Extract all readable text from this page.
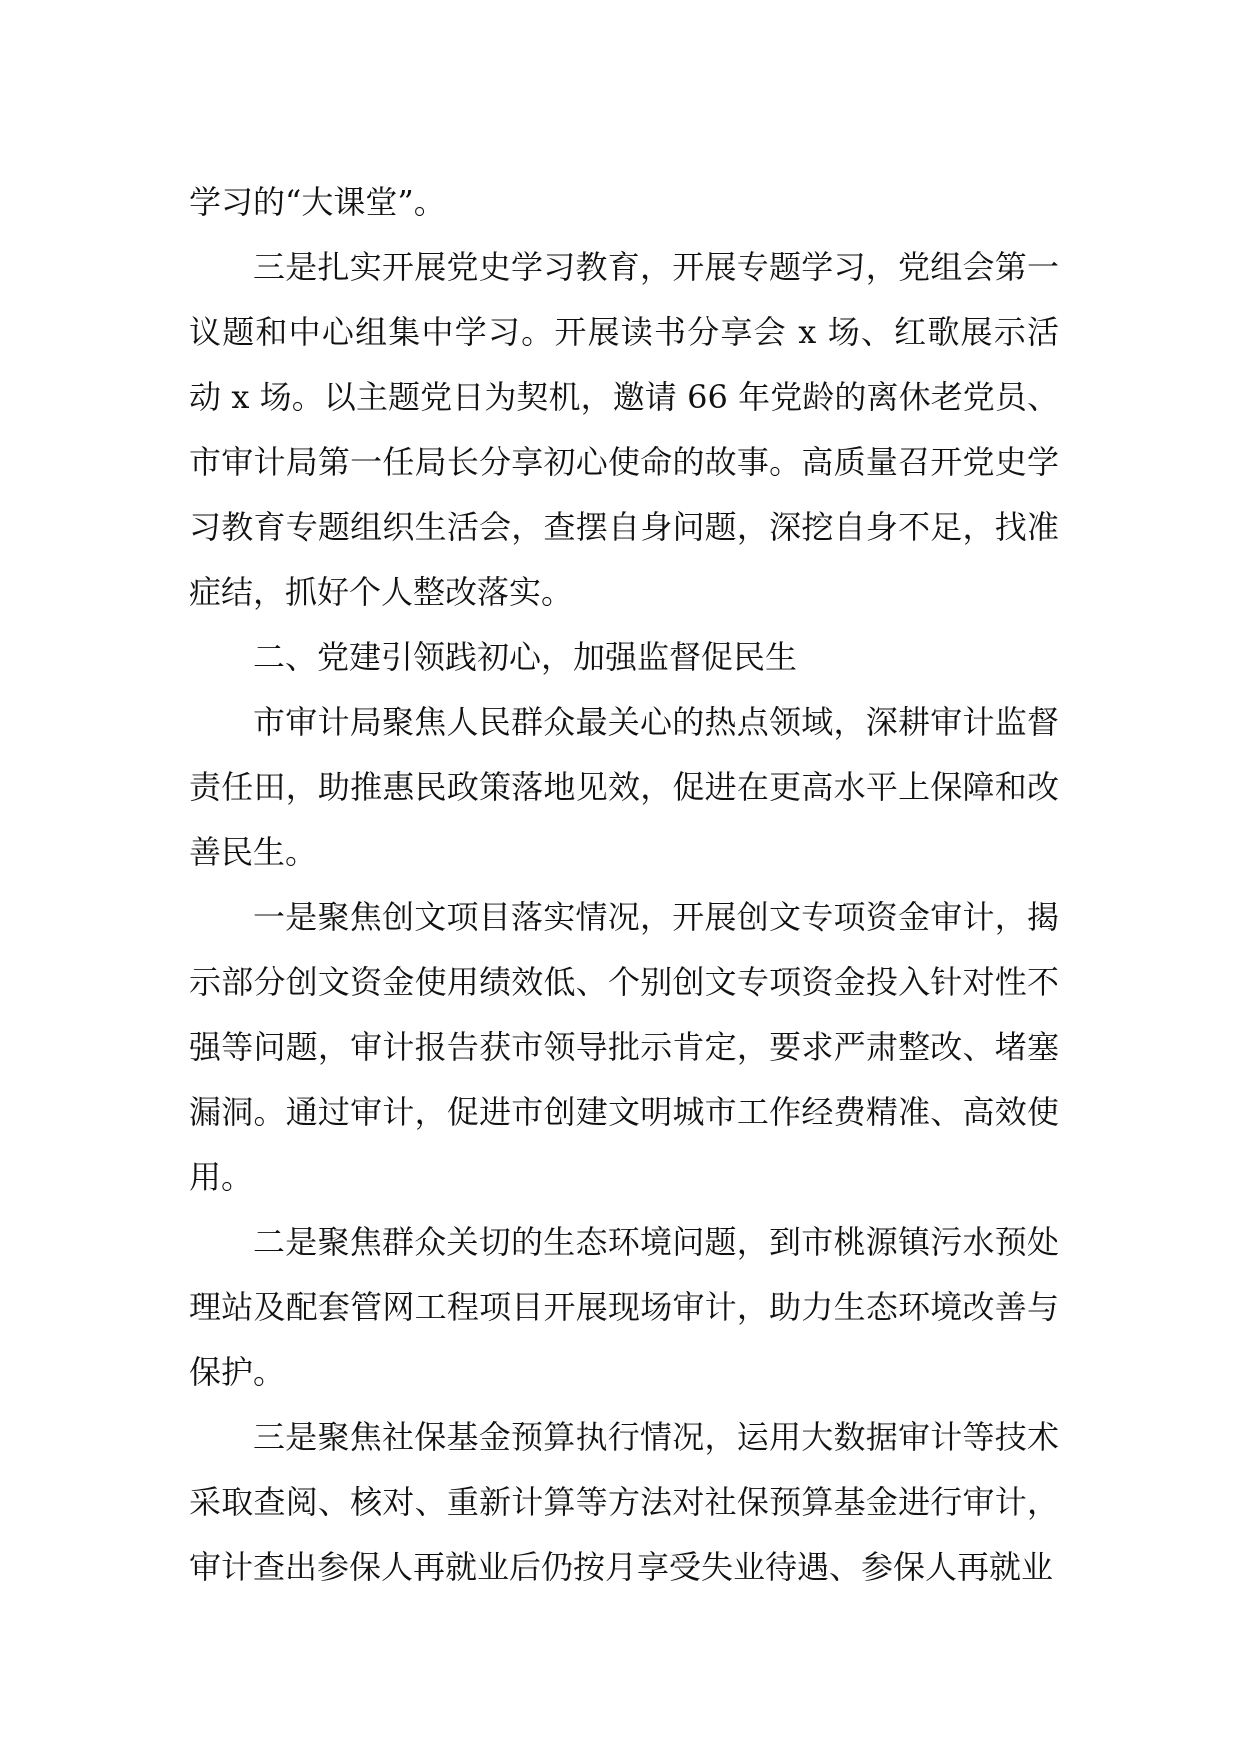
学习的“大课堂”。

三是扎实开展党史学习教育，开展专题学习，党组会第一议题和中心组集中学习。开展读书分享会 x 场、红歌展示活动 x 场。以主题党日为契机，邀请 66 年党龄的离休老党员、市审计局第一任局长分享初心使命的故事。高质量召开党史学习教育专题组织生活会，查摆自身问题，深挖自身不足，找准症结，抓好个人整改落实。

二、党建引领践初心，加强监督促民生

市审计局聚焦人民群众最关心的热点领域，深耕审计监督责任田，助推惠民政策落地见效，促进在更高水平上保障和改善民生。

一是聚焦创文项目落实情况，开展创文专项资金审计，揭示部分创文资金使用绩效低、个别创文专项资金投入针对性不强等问题，审计报告获市领导批示肯定，要求严肃整改、堵塞漏洞。通过审计，促进市创建文明城市工作经费精准、高效使用。

二是聚焦群众关切的生态环境问题，到市桃源镇污水预处理站及配套管网工程项目开展现场审计，助力生态环境改善与保护。

三是聚焦社保基金预算执行情况，运用大数据审计等技术采取查阅、核对、重新计算等方法对社保预算基金进行审计，审计查出参保人再就业后仍按月享受失业待遇、参保人再就业
